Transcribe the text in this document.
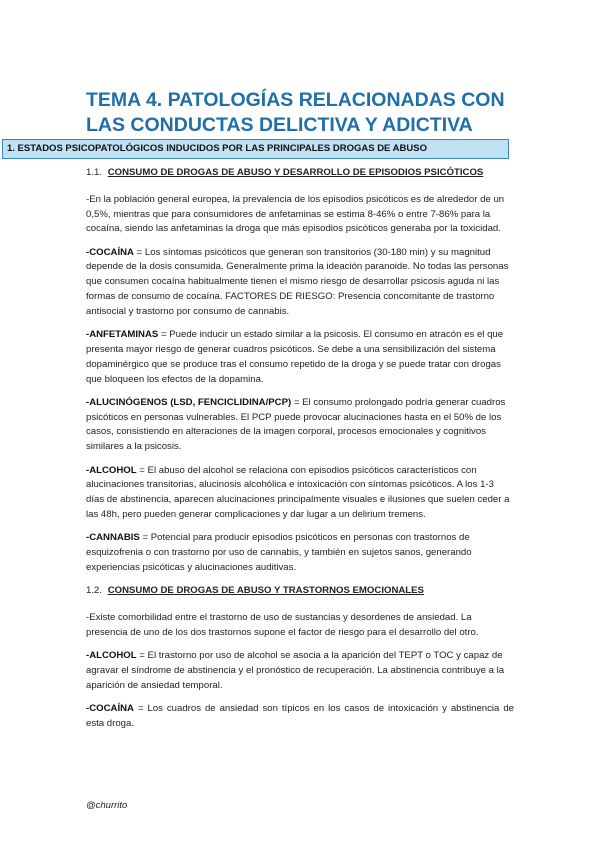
TEMA 4. PATOLOGÍAS RELACIONADAS CON LAS CONDUCTAS DELICTIVA Y ADICTIVA
1. ESTADOS PSICOPATOLÓGICOS INDUCIDOS POR LAS PRINCIPALES DROGAS DE ABUSO

1.1. CONSUMO DE DROGAS DE ABUSO Y DESARROLLO DE EPISODIOS PSICÓTICOS

-En la población general europea, la prevalencia de los episodios psicóticos es de alrededor de un 0,5%, mientras que para consumidores de anfetaminas se estima 8-46% o entre 7-86% para la cocaína, siendo las anfetaminas la droga que más episodios psicóticos generaba por la toxicidad.

-COCAÍNA = Los síntomas psicóticos que generan son transitorios (30-180 min) y su magnitud depende de la dosis consumida. Generalmente prima la ideación paranoide. No todas las personas que consumen cocaína habitualmente tienen el mismo riesgo de desarrollar psicosis aguda ni las formas de consumo de cocaína. FACTORES DE RIESGO: Presencia concomitante de trastorno antisocial y trastorno por consumo de cannabis.

-ANFETAMINAS = Puede inducir un estado similar a la psicosis. El consumo en atracón es el que presenta mayor riesgo de generar cuadros psicóticos. Se debe a una sensibilización del sistema dopaminérgico que se produce tras el consumo repetido de la droga y se puede tratar con drogas que bloqueen los efectos de la dopamina.

-ALUCINÓGENOS (LSD, FENCICLIDINA/PCP) = El consumo prolongado podría generar cuadros psicóticos en personas vulnerables. El PCP puede provocar alucinaciones hasta en el 50% de los casos, consistiendo en alteraciones de la imagen corporal, procesos emocionales y cognitivos similares a la psicosis.

-ALCOHOL = El abuso del alcohol se relaciona con episodios psicóticos característicos con alucinaciones transitorias, alucinosis alcohólica e intoxicación con síntomas psicóticos. A los 1-3 días de abstinencia, aparecen alucinaciones principalmente visuales e ilusiones que suelen ceder a las 48h, pero pueden generar complicaciones y dar lugar a un delirium tremens.

-CANNABIS = Potencial para producir episodios psicóticos en personas con trastornos de esquizofrenia o con trastorno por uso de cannabis, y también en sujetos sanos, generando experiencias psicóticas y alucinaciones auditivas.

1.2. CONSUMO DE DROGAS DE ABUSO Y TRASTORNOS EMOCIONALES

-Existe comorbilidad entre el trastorno de uso de sustancias y desordenes de ansiedad. La presencia de uno de los dos trastornos supone el factor de riesgo para el desarrollo del otro.

-ALCOHOL = El trastorno por uso de alcohol se asocia a la aparición del TEPT o TOC y capaz de agravar el síndrome de abstinencia y el pronóstico de recuperación. La abstinencia contribuye a la aparición de ansiedad temporal.

-COCAÍNA = Los cuadros de ansiedad son típicos en los casos de intoxicación y abstinencia de esta droga.

@churrito
